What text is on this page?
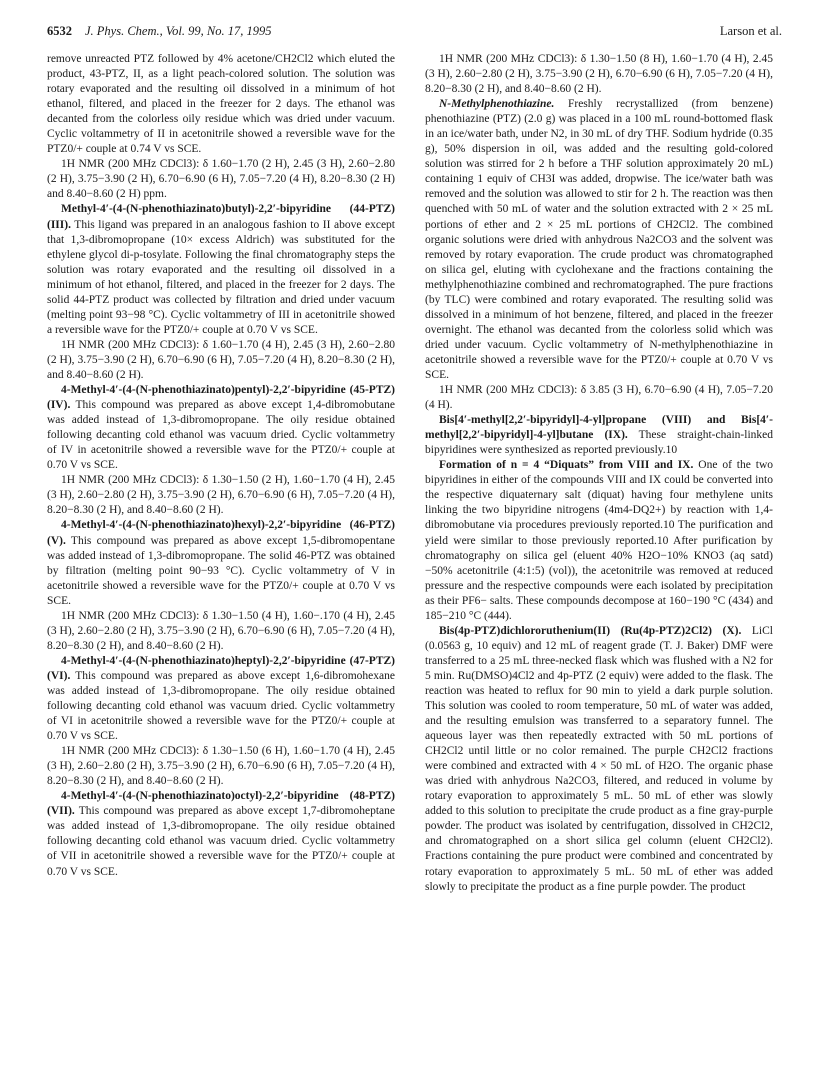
6532 J. Phys. Chem., Vol. 99, No. 17, 1995	Larson et al.

remove unreacted PTZ followed by 4% acetone/CH2Cl2 which eluted the product, 43-PTZ, II, as a light peach-colored solution. The solution was rotary evaporated and the resulting oil dissolved in a minimum of hot ethanol, filtered, and placed in the freezer for 2 days. The ethanol was decanted from the colorless oily residue which was dried under vacuum. Cyclic voltammetry of II in acetonitrile showed a reversible wave for the PTZ0/+ couple at 0.74 V vs SCE.

1H NMR (200 MHz CDCl3): δ 1.60−1.70 (2 H), 2.45 (3 H), 2.60−2.80 (2 H), 3.75−3.90 (2 H), 6.70−6.90 (6 H), 7.05−7.20 (4 H), 8.20−8.30 (2 H) and 8.40−8.60 (2 H) ppm.

Methyl-4′-(4-(N-phenothiazinato)butyl)-2,2′-bipyridine (44-PTZ) (III). This ligand was prepared in an analogous fashion to II above except that 1,3-dibromopropane (10× excess Aldrich) was substituted for the ethylene glycol di-p-tosylate. Following the final chromatography steps the solution was rotary evaporated and the resulting oil dissolved in a minimum of hot ethanol, filtered, and placed in the freezer for 2 days. The solid 44-PTZ product was collected by filtration and dried under vacuum (melting point 93−98 °C). Cyclic voltammetry of III in acetonitrile showed a reversible wave for the PTZ0/+ couple at 0.70 V vs SCE.

1H NMR (200 MHz CDCl3): δ 1.60−1.70 (4 H), 2.45 (3 H), 2.60−2.80 (2 H), 3.75−3.90 (2 H), 6.70−6.90 (6 H), 7.05−7.20 (4 H), 8.20−8.30 (2 H), and 8.40−8.60 (2 H).

4-Methyl-4′-(4-(N-phenothiazinato)pentyl)-2,2′-bipyridine (45-PTZ) (IV). This compound was prepared as above except 1,4-dibromobutane was added instead of 1,3-dibromopropane. The oily residue obtained following decanting cold ethanol was vacuum dried. Cyclic voltammetry of IV in acetonitrile showed a reversible wave for the PTZ0/+ couple at 0.70 V vs SCE.

1H NMR (200 MHz CDCl3): δ 1.30−1.50 (2 H), 1.60−1.70 (4 H), 2.45 (3 H), 2.60−2.80 (2 H), 3.75−3.90 (2 H), 6.70−6.90 (6 H), 7.05−7.20 (4 H), 8.20−8.30 (2 H), and 8.40−8.60 (2 H).

4-Methyl-4′-(4-(N-phenothiazinato)hexyl)-2,2′-bipyridine (46-PTZ) (V). This compound was prepared as above except 1,5-dibromopentane was added instead of 1,3-dibromopropane. The solid 46-PTZ was obtained by filtration (melting point 90−93 °C). Cyclic voltammetry of V in acetonitrile showed a reversible wave for the PTZ0/+ couple at 0.70 V vs SCE.

1H NMR (200 MHz CDCl3): δ 1.30−1.50 (4 H), 1.60−.170 (4 H), 2.45 (3 H), 2.60−2.80 (2 H), 3.75−3.90 (2 H), 6.70−6.90 (6 H), 7.05−7.20 (4 H), 8.20−8.30 (2 H), and 8.40−8.60 (2 H).

4-Methyl-4′-(4-(N-phenothiazinato)heptyl)-2,2′-bipyridine (47-PTZ) (VI). This compound was prepared as above except 1,6-dibromohexane was added instead of 1,3-dibromopropane. The oily residue obtained following decanting cold ethanol was vacuum dried. Cyclic voltammetry of VI in acetonitrile showed a reversible wave for the PTZ0/+ couple at 0.70 V vs SCE.

1H NMR (200 MHz CDCl3): δ 1.30−1.50 (6 H), 1.60−1.70 (4 H), 2.45 (3 H), 2.60−2.80 (2 H), 3.75−3.90 (2 H), 6.70−6.90 (6 H), 7.05−7.20 (4 H), 8.20−8.30 (2 H), and 8.40−8.60 (2 H).

4-Methyl-4′-(4-(N-phenothiazinato)octyl)-2,2′-bipyridine (48-PTZ) (VII). This compound was prepared as above except 1,7-dibromoheptane was added instead of 1,3-dibromopropane. The oily residue obtained following decanting cold ethanol was vacuum dried. Cyclic voltammetry of VII in acetonitrile showed a reversible wave for the PTZ0/+ couple at 0.70 V vs SCE.

1H NMR (200 MHz CDCl3): δ 1.30−1.50 (8 H), 1.60−1.70 (4 H), 2.45 (3 H), 2.60−2.80 (2 H), 3.75−3.90 (2 H), 6.70−6.90 (6 H), 7.05−7.20 (4 H), 8.20−8.30 (2 H), and 8.40−8.60 (2 H).

N-Methylphenothiazine. Freshly recrystallized (from benzene) phenothiazine (PTZ) (2.0 g) was placed in a 100 mL round-bottomed flask in an ice/water bath, under N2, in 30 mL of dry THF. Sodium hydride (0.35 g), 50% dispersion in oil, was added and the resulting gold-colored solution was stirred for 2 h before a THF solution approximately 20 mL) containing 1 equiv of CH3I was added, dropwise. The ice/water bath was removed and the solution was allowed to stir for 2 h. The reaction was then quenched with 50 mL of water and the solution extracted with 2 × 25 mL portions of ether and 2 × 25 mL portions of CH2Cl2. The combined organic solutions were dried with anhydrous Na2CO3 and the solvent was removed by rotary evaporation. The crude product was chromatographed on silica gel, eluting with cyclohexane and the fractions containing the methylphenothiazine combined and rechromatographed. The pure fractions (by TLC) were combined and rotary evaporated. The resulting solid was dissolved in a minimum of hot benzene, filtered, and placed in the freezer overnight. The ethanol was decanted from the colorless solid which was dried under vacuum. Cyclic voltammetry of N-methylphenothiazine in acetonitrile showed a reversible wave for the PTZ0/+ couple at 0.70 V vs SCE.

1H NMR (200 MHz CDCl3): δ 3.85 (3 H), 6.70−6.90 (4 H), 7.05−7.20 (4 H).

Bis[4′-methyl[2,2′-bipyridyl]-4-yl]propane (VIII) and Bis[4′-methyl[2,2′-bipyridyl]-4-yl]butane (IX). These straight-chain-linked bipyridines were synthesized as reported previously.10

Formation of n = 4 “Diquats” from VIII and IX. One of the two bipyridines in either of the compounds VIII and IX could be converted into the respective diquaternary salt (diquat) having four methylene units linking the two bipyridine nitrogens (4m4-DQ2+) by reaction with 1,4-dibromobutane via procedures previously reported.10 The purification and yield were similar to those previously reported.10 After purification by chromatography on silica gel (eluent 40% H2O−10% KNO3 (aq satd)−50% acetonitrile (4:1:5) (vol)), the acetonitrile was removed at reduced pressure and the respective compounds were each isolated by precipitation as their PF6− salts. These compounds decompose at 160−190 °C (434) and 185−210 °C (444).

Bis(4p-PTZ)dichlororuthenium(II) (Ru(4p-PTZ)2Cl2) (X). LiCl (0.0563 g, 10 equiv) and 12 mL of reagent grade (T. J. Baker) DMF were transferred to a 25 mL three-necked flask which was flushed with a N2 for 5 min. Ru(DMSO)4Cl2 and 4p-PTZ (2 equiv) were added to the flask. The reaction was heated to reflux for 90 min to yield a dark purple solution. This solution was cooled to room temperature, 50 mL of water was added, and the resulting emulsion was transferred to a separatory funnel. The aqueous layer was then repeatedly extracted with 50 mL portions of CH2Cl2 until little or no color remained. The purple CH2Cl2 fractions were combined and extracted with 4 × 50 mL of H2O. The organic phase was dried with anhydrous Na2CO3, filtered, and reduced in volume by rotary evaporation to approximately 5 mL. 50 mL of ether was slowly added to this solution to precipitate the crude product as a fine gray-purple powder. The product was isolated by centrifugation, dissolved in CH2Cl2, and chromatographed on a short silica gel column (eluent CH2Cl2). Fractions containing the pure product were combined and concentrated by rotary evaporation to approximately 5 mL. 50 mL of ether was added slowly to precipitate the product as a fine purple powder. The product
